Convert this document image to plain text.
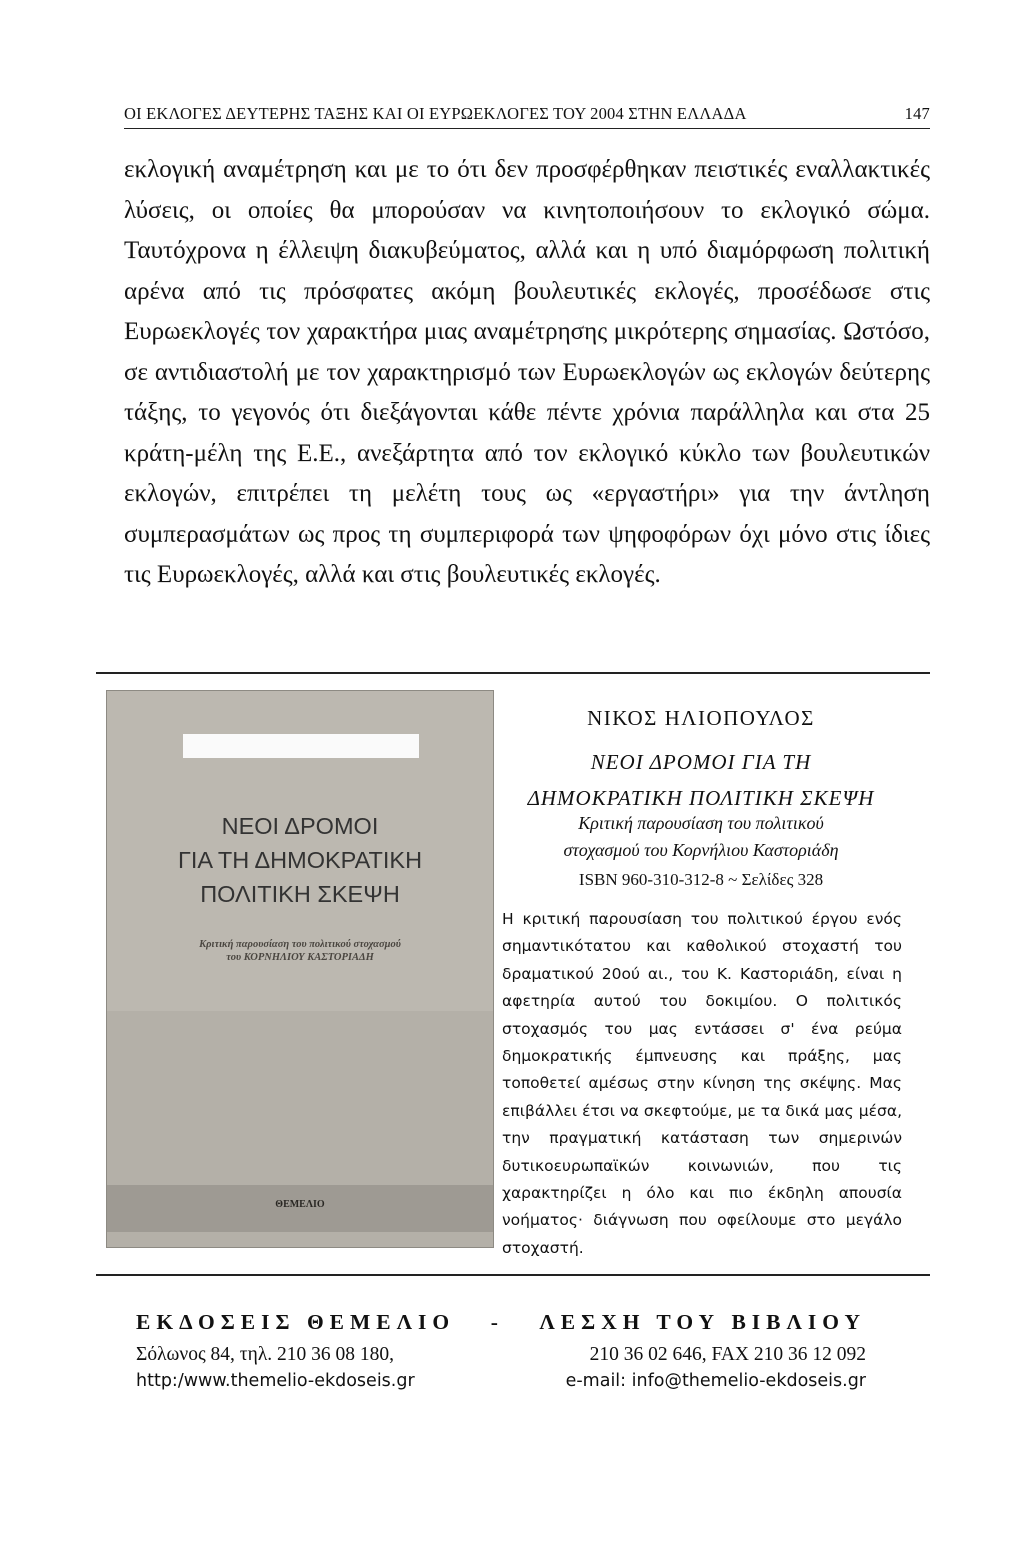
ΟΙ ΕΚΛΟΓΕΣ ΔΕΥΤΕΡΗΣ ΤΑΞΗΣ ΚΑΙ ΟΙ ΕΥΡΩΕΚΛΟΓΕΣ ΤΟΥ 2004 ΣΤΗΝ ΕΛΛΑΔΑ	147

εκλογική αναμέτρηση και με το ότι δεν προσφέρθηκαν πειστικές εναλλακτικές λύσεις, οι οποίες θα μπορούσαν να κινητοποιήσουν το εκλογικό σώμα. Ταυτόχρονα η έλλειψη διακυβεύματος, αλλά και η υπό διαμόρφωση πολιτική αρένα από τις πρόσφατες ακόμη βουλευτικές εκλογές, προσέδωσε στις Ευρωεκλογές τον χαρακτήρα μιας αναμέτρησης μικρότερης σημασίας. Ωστόσο, σε αντιδιαστολή με τον χαρακτηρισμό των Ευρωεκλογών ως εκλογών δεύτερης τάξης, το γεγονός ότι διεξάγονται κάθε πέντε χρόνια παράλληλα και στα 25 κράτη-μέλη της Ε.Ε., ανεξάρτητα από τον εκλογικό κύκλο των βουλευτικών εκλογών, επιτρέπει τη μελέτη τους ως «εργαστήρι» για την άντληση συμπερασμάτων ως προς τη συμπεριφορά των ψηφοφόρων όχι μόνο στις ίδιες τις Ευρωεκλογές, αλλά και στις βουλευτικές εκλογές.

ΝΕΟΙ ΔΡΟΜΟΙ
ΓΙΑ ΤΗ ΔΗΜΟΚΡΑΤΙΚΗ
ΠΟΛΙΤΙΚΗ ΣΚΕΨΗ
Κριτική παρουσίαση του πολιτικού στοχασμού
του ΚΟΡΝΗΛΙΟΥ ΚΑΣΤΟΡΙΑΔΗ
ΘΕΜΕΛΙΟ
ΝΙΚΟΣ ΗΛΙΟΠΟΥΛΟΣ
ΝΕΟΙ ΔΡΟΜΟΙ ΓΙΑ ΤΗ
ΔΗΜΟΚΡΑΤΙΚΗ ΠΟΛΙΤΙΚΗ ΣΚΕΨΗ
Κριτική παρουσίαση του πολιτικού
στοχασμού του Κορνήλιου Καστοριάδη
ISBN 960-310-312-8 ~ Σελίδες 328

Η κριτική παρουσίαση του πολιτικού έργου ενός σημαντικότατου και καθολικού στοχαστή του δραματικού 20ού αι., του Κ. Καστοριάδη, είναι η αφετηρία αυτού του δοκιμίου. Ο πολιτικός στοχασμός του μας εντάσσει σ' ένα ρεύμα δημοκρατικής έμπνευσης και πράξης, μας τοποθετεί αμέσως στην κίνηση της σκέψης. Μας επιβάλλει έτσι να σκεφτούμε, με τα δικά μας μέσα, την πραγματική κατάσταση των σημερινών δυτικοευρωπαϊκών κοινωνιών, που τις χαρακτηρίζει η όλο και πιο έκδηλη απουσία νοήματος· διάγνωση που οφείλουμε στο μεγάλο στοχαστή.

ΕΚΔΟΣΕΙΣ ΘΕΜΕΛΙΟ - ΛΕΣΧΗ ΤΟΥ ΒΙΒΛΙΟΥ
Σόλωνος 84, τηλ. 210 36 08 180,	210 36 02 646, FAX 210 36 12 092
http:/www.themelio-ekdoseis.gr	e-mail: info@themelio-ekdoseis.gr
